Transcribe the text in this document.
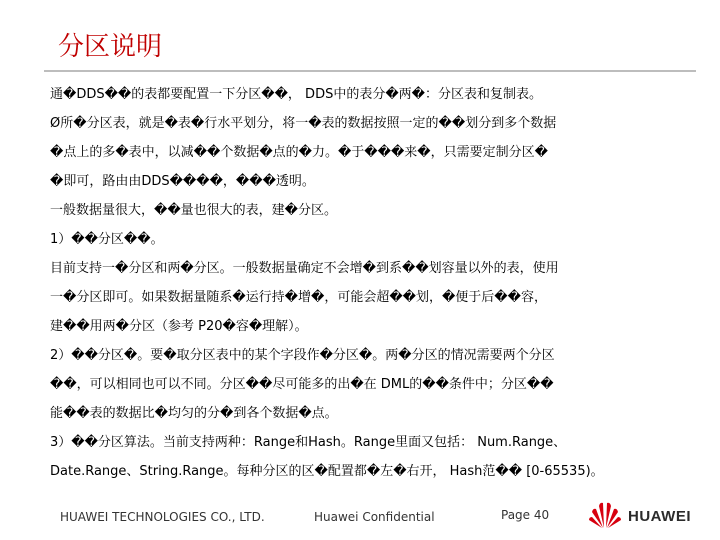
分区说明
通�DDS��的表都要配置一下分区��， DDS中的表分�两�：分区表和复制表。
Ø所�分区表，就是�表�行水平划分，将一�表的数据按照一定的��划分到多个数据
�点上的多�表中，以减��个数据�点的�力。�于���来�，只需要定制分区�
�即可，路由由DDS����，���透明。
一般数据量很大，��量也很大的表，建�分区。
1）��分区��。
目前支持一�分区和两�分区。一般数据量确定不会增�到系��划容量以外的表，使用
一�分区即可。如果数据量随系�运行持�增�，可能会超��划，�便于后��容，
建��用两�分区（参考 P20�容�理解）。
2）��分区�。要�取分区表中的某个字段作�分区�。两�分区的情况需要两个分区
��，可以相同也可以不同。分区��尽可能多的出�在 DML的��条件中；分区��
能��表的数据比�均匀的分�到各个数据�点。
3）��分区算法。当前支持两种：Range和Hash。Range里面又包括： Num.Range、
Date.Range、String.Range。每种分区的区�配置都�左�右开， Hash范�� [0-65535)。
HUAWEI TECHNOLOGIES CO., LTD.	Huawei Confidential	Page 40	HUAWEI
